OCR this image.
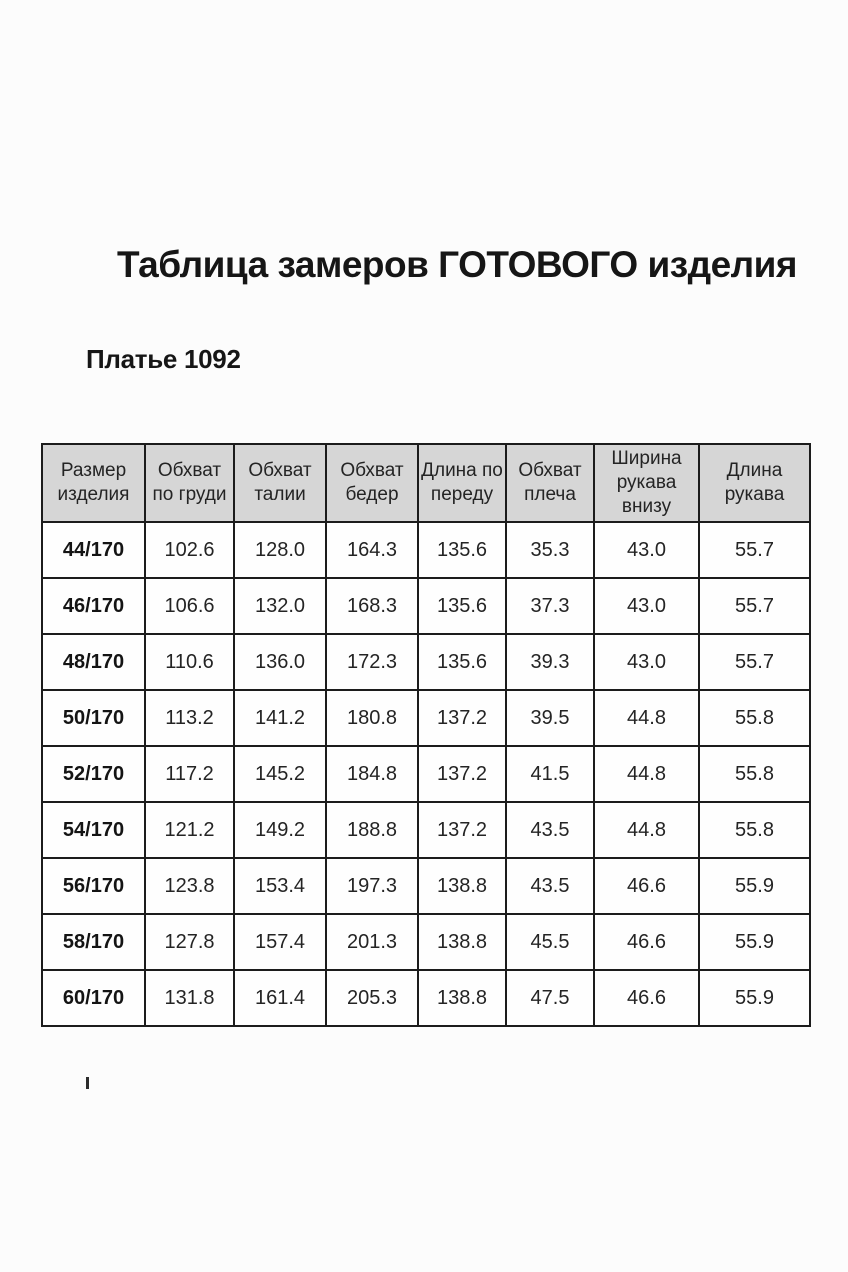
Таблица замеров ГОТОВОГО изделия
Платье 1092
Размер изделия	Обхват по груди	Обхват талии	Обхват бедер	Длина по переду	Обхват плеча	Ширина рукава внизу	Длина рукава
44/170	102.6	128.0	164.3	135.6	35.3	43.0	55.7
46/170	106.6	132.0	168.3	135.6	37.3	43.0	55.7
48/170	110.6	136.0	172.3	135.6	39.3	43.0	55.7
50/170	113.2	141.2	180.8	137.2	39.5	44.8	55.8
52/170	117.2	145.2	184.8	137.2	41.5	44.8	55.8
54/170	121.2	149.2	188.8	137.2	43.5	44.8	55.8
56/170	123.8	153.4	197.3	138.8	43.5	46.6	55.9
58/170	127.8	157.4	201.3	138.8	45.5	46.6	55.9
60/170	131.8	161.4	205.3	138.8	47.5	46.6	55.9
